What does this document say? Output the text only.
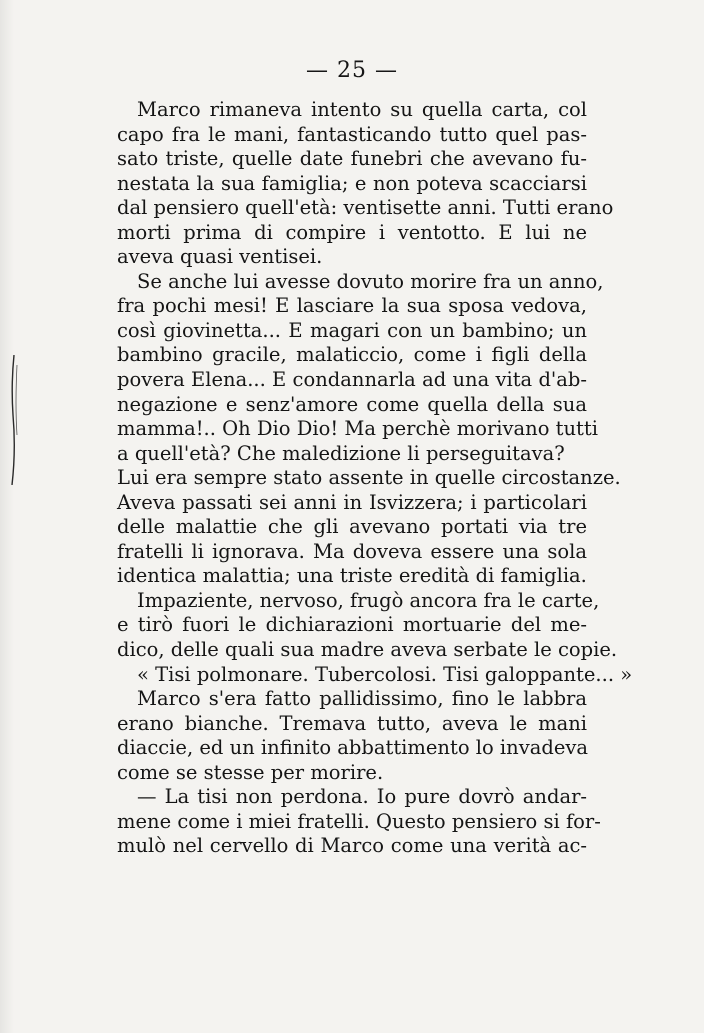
— 25 —
Marco rimaneva intento su quella carta, col
capo fra le mani, fantasticando tutto quel pas-
sato triste, quelle date funebri che avevano fu-
nestata la sua famiglia; e non poteva scacciarsi
dal pensiero quell'età: ventisette anni. Tutti erano
morti prima di compire i ventotto. E lui ne
aveva quasi ventisei.
Se anche lui avesse dovuto morire fra un anno,
fra pochi mesi! E lasciare la sua sposa vedova,
così giovinetta... E magari con un bambino; un
bambino gracile, malaticcio, come i figli della
povera Elena... E condannarla ad una vita d'ab-
negazione e senz'amore come quella della sua
mamma!.. Oh Dio Dio! Ma perchè morivano tutti
a quell'età? Che maledizione li perseguitava?
Lui era sempre stato assente in quelle circostanze.
Aveva passati sei anni in Isvizzera; i particolari
delle malattie che gli avevano portati via tre
fratelli li ignorava. Ma doveva essere una sola
identica malattia; una triste eredità di famiglia.
Impaziente, nervoso, frugò ancora fra le carte,
e tirò fuori le dichiarazioni mortuarie del me-
dico, delle quali sua madre aveva serbate le copie.
« Tisi polmonare. Tubercolosi. Tisi galoppante... »
Marco s'era fatto pallidissimo, fino le labbra
erano bianche. Tremava tutto, aveva le mani
diaccie, ed un infinito abbattimento lo invadeva
come se stesse per morire.
— La tisi non perdona. Io pure dovrò andar-
mene come i miei fratelli. Questo pensiero si for-
mulò nel cervello di Marco come una verità ac-
